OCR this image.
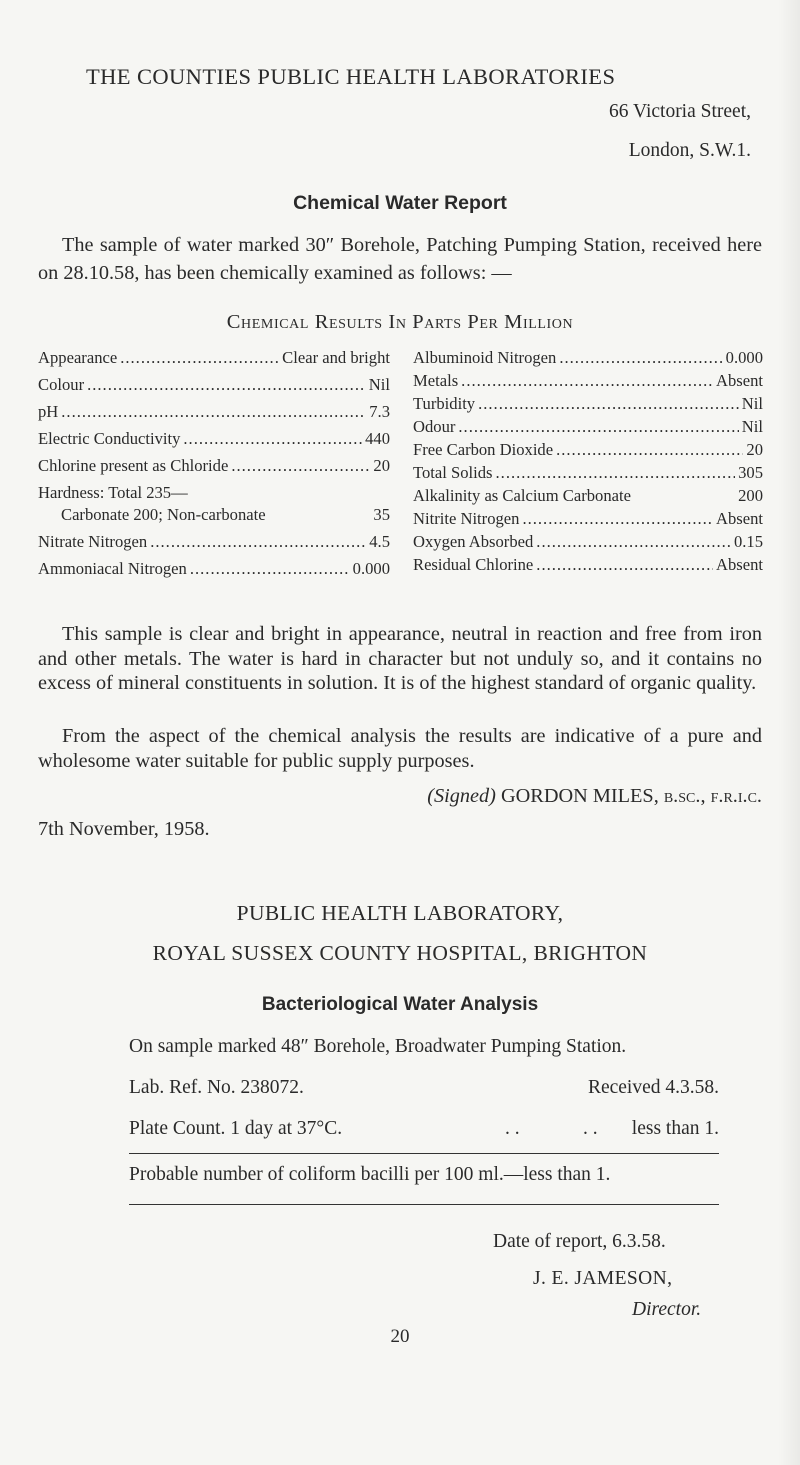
THE COUNTIES PUBLIC HEALTH LABORATORIES
66 Victoria Street,
London, S.W.1.
Chemical Water Report

The sample of water marked 30″ Borehole, Patching Pumping Station, received here on 28.10.58, has been chemically examined as follows: —

Chemical Results In Parts Per Million
Appearance .....	Clear and bright
Colour .....	Nil
pH .....	7.3
Electric Conductivity .....	440
Chlorine present as Chloride .....	20
Hardness: Total 235—
Carbonate 200; Non-carbonate	35
Nitrate Nitrogen .....	4.5
Ammoniacal Nitrogen .....	0.000
Albuminoid Nitrogen .....	0.000
Metals .....	Absent
Turbidity .....	Nil
Odour .....	Nil
Free Carbon Dioxide .....	20
Total Solids .....	305
Alkalinity as Calcium Carbonate	200
Nitrite Nitrogen .....	Absent
Oxygen Absorbed .....	0.15
Residual Chlorine .....	Absent

This sample is clear and bright in appearance, neutral in reaction and free from iron and other metals. The water is hard in character but not unduly so, and it contains no excess of mineral constituents in solution. It is of the highest standard of organic quality.

From the aspect of the chemical analysis the results are indicative of a pure and wholesome water suitable for public supply purposes.

(Signed) GORDON MILES, b.sc., f.r.i.c.
7th November, 1958.
PUBLIC HEALTH LABORATORY,
ROYAL SUSSEX COUNTY HOSPITAL, BRIGHTON
Bacteriological Water Analysis
On sample marked 48″ Borehole, Broadwater Pumping Station.
Lab. Ref. No. 238072.	Received 4.3.58.
Plate Count. 1 day at 37°C.	. .	. . less than 1.
Probable number of coliform bacilli per 100 ml.—less than 1.
Date of report, 6.3.58.
J. E. JAMESON,
Director.
20
